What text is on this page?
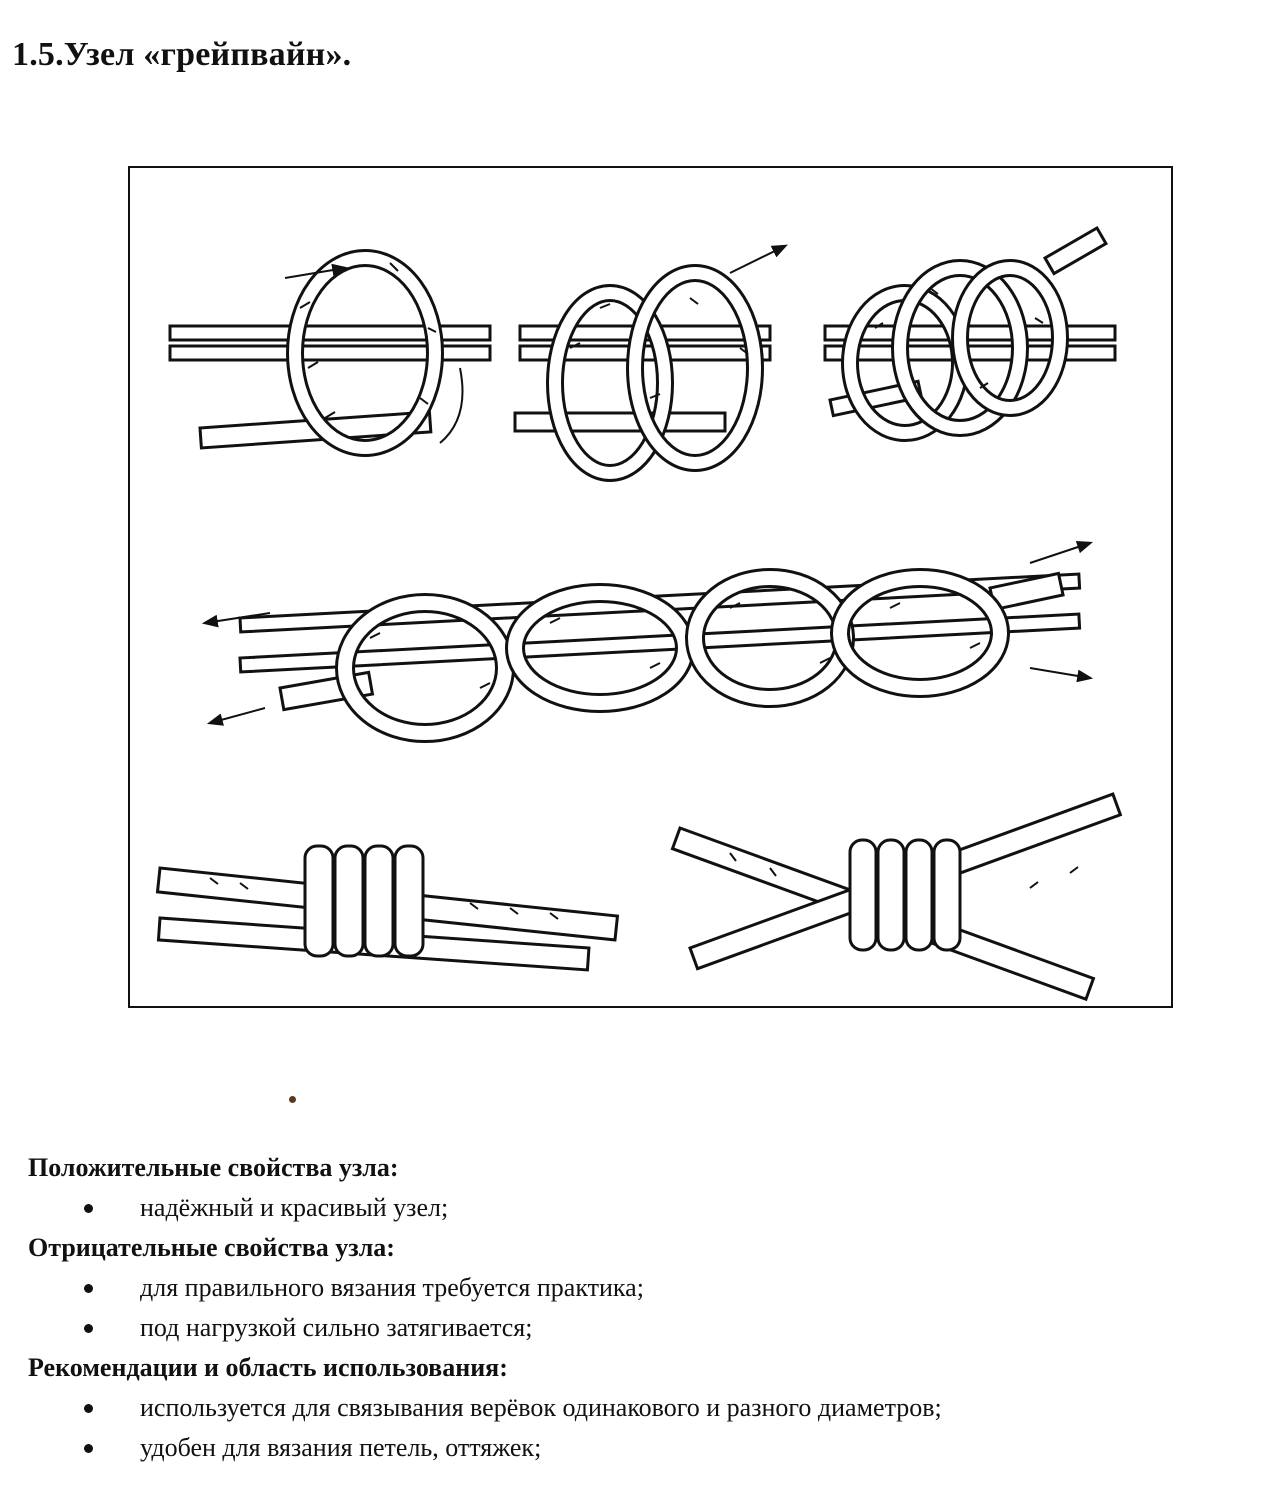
1.5.Узел «грейпвайн».
Положительные свойства узла:
надёжный и красивый узел;
Отрицательные свойства узла:
для правильного вязания требуется практика;
под нагрузкой сильно затягивается;
Рекомендации и область использования:
используется для связывания верёвок одинакового и разного диаметров;
удобен для вязания петель, оттяжек;
